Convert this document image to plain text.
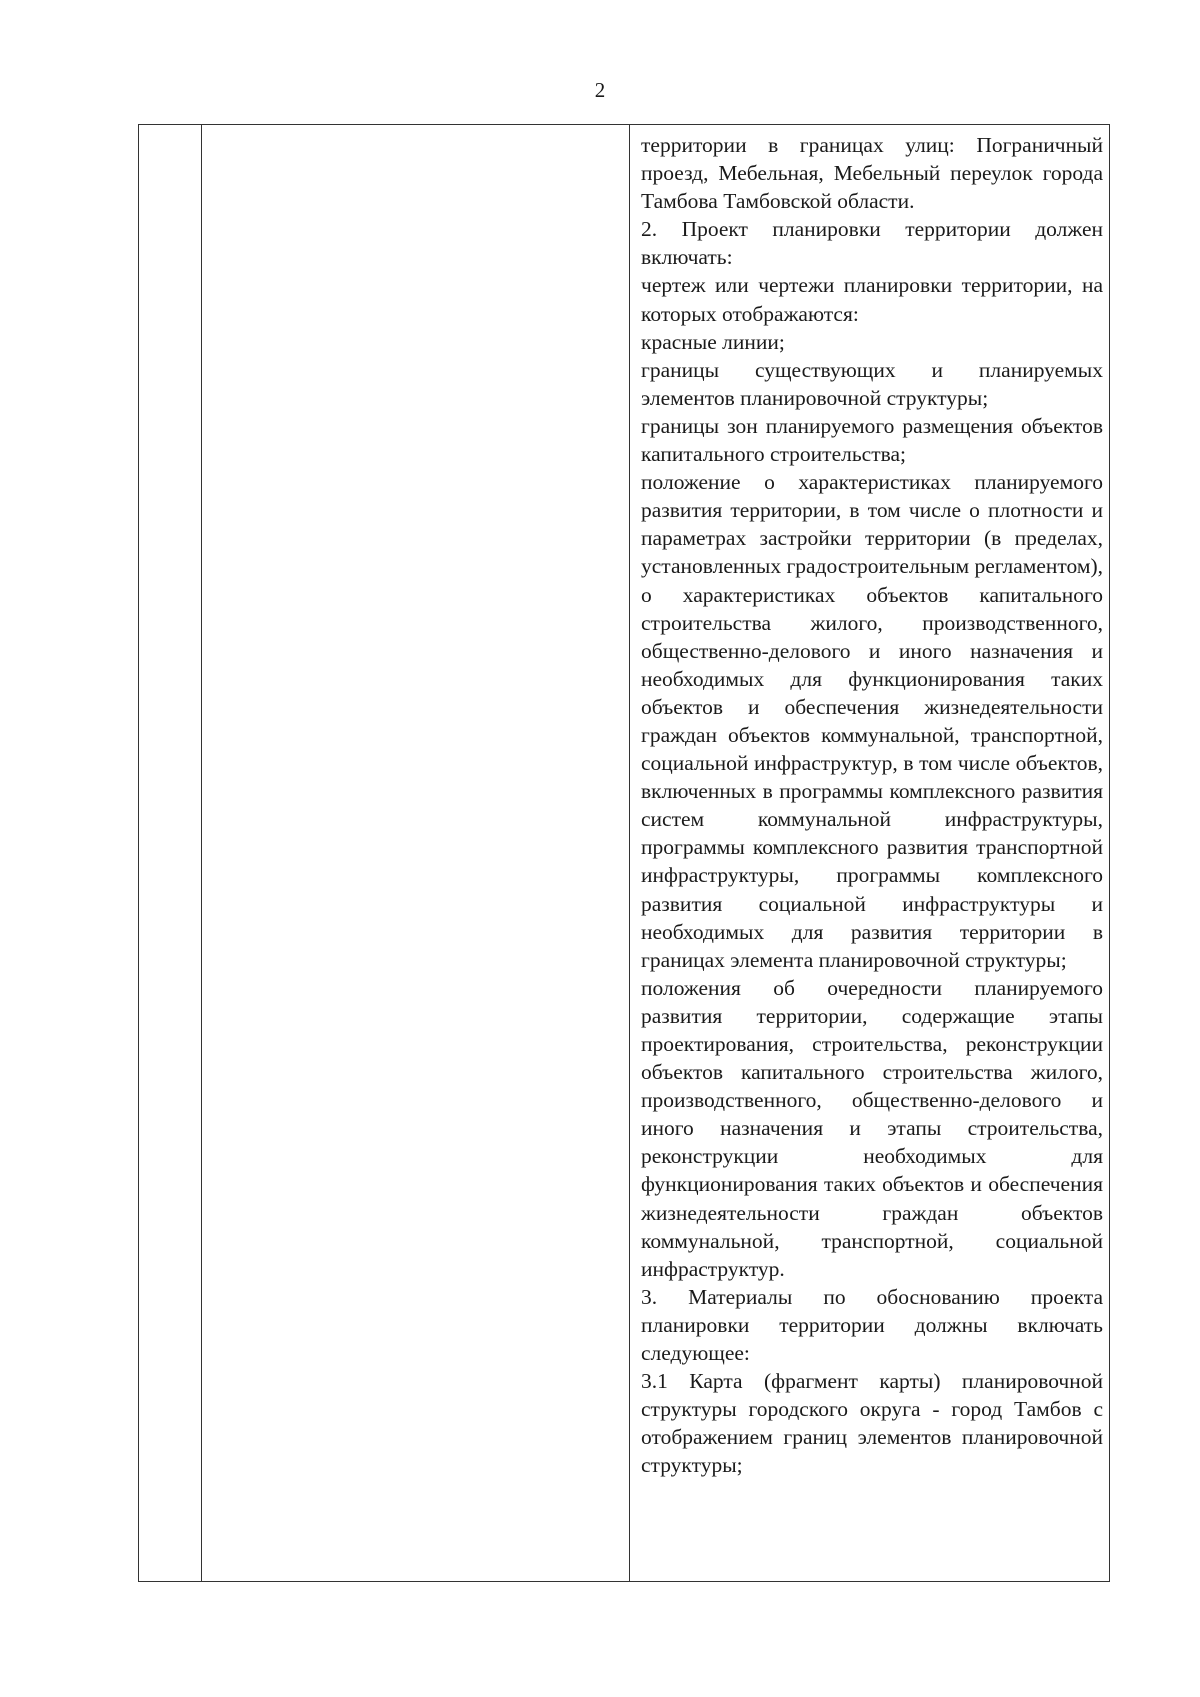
2

территории в границах улиц: Пограничный проезд, Мебельная, Мебельный переулок города Тамбова Тамбовской области.

2. Проект планировки территории должен включать:

чертеж или чертежи планировки территории, на которых отображаются:

красные линии;

границы существующих и планируемых элементов планировочной структуры;

границы зон планируемого размещения объектов капитального строительства;

положение о характеристиках планируемого развития территории, в том числе о плотности и параметрах застройки территории (в пределах, установленных градостроительным регламентом), о характеристиках объектов капитального строительства жилого, производственного, общественно-делового и иного назначения и необходимых для функционирования таких объектов и обеспечения жизнедеятельности граждан объектов коммунальной, транспортной, социальной инфраструктур, в том числе объектов, включенных в программы комплексного развития систем коммунальной инфраструктуры, программы комплексного развития транспортной инфраструктуры, программы комплексного развития социальной инфраструктуры и необходимых для развития территории в границах элемента планировочной структуры;

положения об очередности планируемого развития территории, содержащие этапы проектирования, строительства, реконструкции объектов капитального строительства жилого, производственного, общественно-делового и иного назначения и этапы строительства, реконструкции необходимых для функционирования таких объектов и обеспечения жизнедеятельности граждан объектов коммунальной, транспортной, социальной инфраструктур.

3. Материалы по обоснованию проекта планировки территории должны включать следующее:

3.1 Карта (фрагмент карты) планировочной структуры городского округа - город Тамбов с отображением границ элементов планировочной структуры;
